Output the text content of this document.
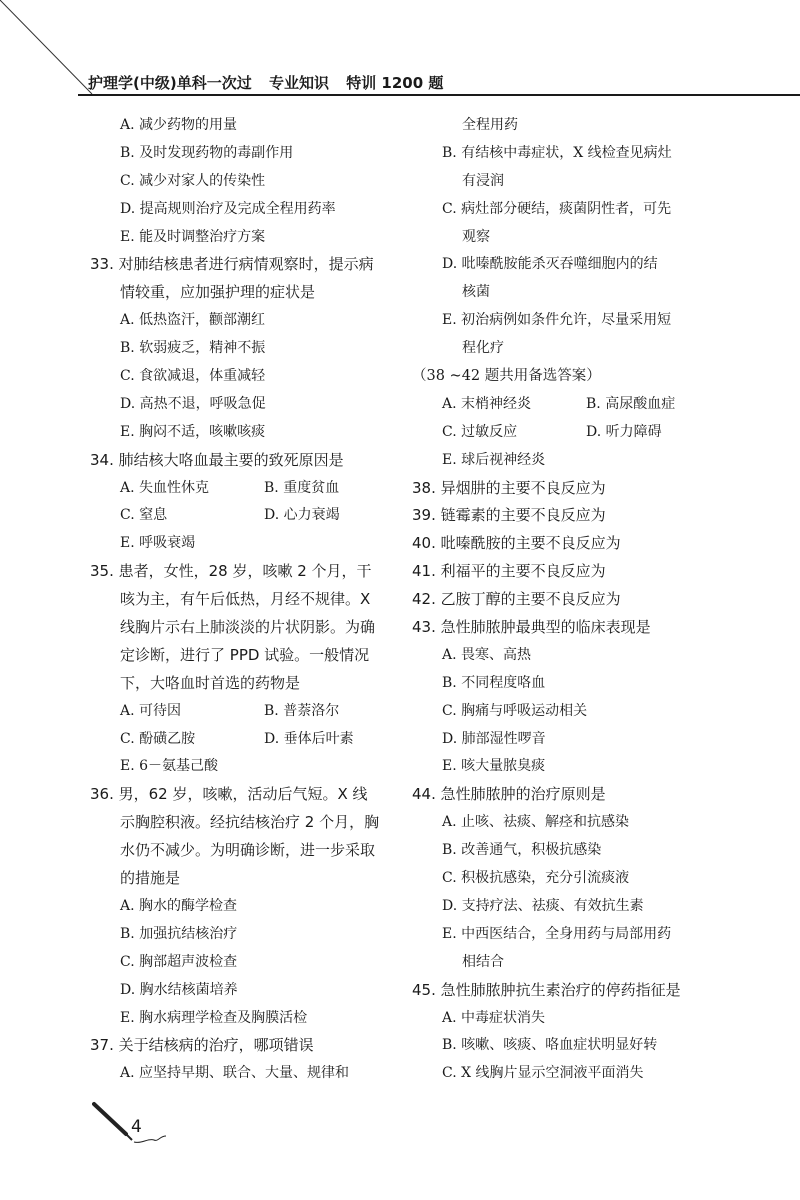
护理学(中级)单科一次过 专业知识 特训 1200 题
A. 减少药物的用量
B. 及时发现药物的毒副作用
C. 减少对家人的传染性
D. 提高规则治疗及完成全程用药率
E. 能及时调整治疗方案
33. 对肺结核患者进行病情观察时，提示病
情较重，应加强护理的症状是
A. 低热盗汗，颧部潮红
B. 软弱疲乏，精神不振
C. 食欲减退，体重减轻
D. 高热不退，呼吸急促
E. 胸闷不适，咳嗽咳痰
34. 肺结核大咯血最主要的致死原因是
A. 失血性休克	B. 重度贫血
C. 窒息	D. 心力衰竭
E. 呼吸衰竭
35. 患者，女性，28 岁，咳嗽 2 个月，干
咳为主，有午后低热，月经不规律。X
线胸片示右上肺淡淡的片状阴影。为确
定诊断，进行了 PPD 试验。一般情况
下，大咯血时首选的药物是
A. 可待因	B. 普萘洛尔
C. 酚磺乙胺	D. 垂体后叶素
E. 6－氨基己酸
36. 男，62 岁，咳嗽，活动后气短。X 线
示胸腔积液。经抗结核治疗 2 个月，胸
水仍不减少。为明确诊断，进一步采取
的措施是
A. 胸水的酶学检查
B. 加强抗结核治疗
C. 胸部超声波检查
D. 胸水结核菌培养
E. 胸水病理学检查及胸膜活检
37. 关于结核病的治疗，哪项错误
A. 应坚持早期、联合、大量、规律和
全程用药
B. 有结核中毒症状，X 线检查见病灶
有浸润
C. 病灶部分硬结，痰菌阴性者，可先
观察
D. 吡嗪酰胺能杀灭吞噬细胞内的结
核菌
E. 初治病例如条件允许，尽量采用短
程化疗
（38 ~42 题共用备选答案）
A. 末梢神经炎	B. 高尿酸血症
C. 过敏反应	D. 听力障碍
E. 球后视神经炎
38. 异烟肼的主要不良反应为
39. 链霉素的主要不良反应为
40. 吡嗪酰胺的主要不良反应为
41. 利福平的主要不良反应为
42. 乙胺丁醇的主要不良反应为
43. 急性肺脓肿最典型的临床表现是
A. 畏寒、高热
B. 不同程度咯血
C. 胸痛与呼吸运动相关
D. 肺部湿性啰音
E. 咳大量脓臭痰
44. 急性肺脓肿的治疗原则是
A. 止咳、祛痰、解痉和抗感染
B. 改善通气，积极抗感染
C. 积极抗感染，充分引流痰液
D. 支持疗法、祛痰、有效抗生素
E. 中西医结合，全身用药与局部用药
相结合
45. 急性肺脓肿抗生素治疗的停药指征是
A. 中毒症状消失
B. 咳嗽、咳痰、咯血症状明显好转
C. X 线胸片显示空洞液平面消失
4
